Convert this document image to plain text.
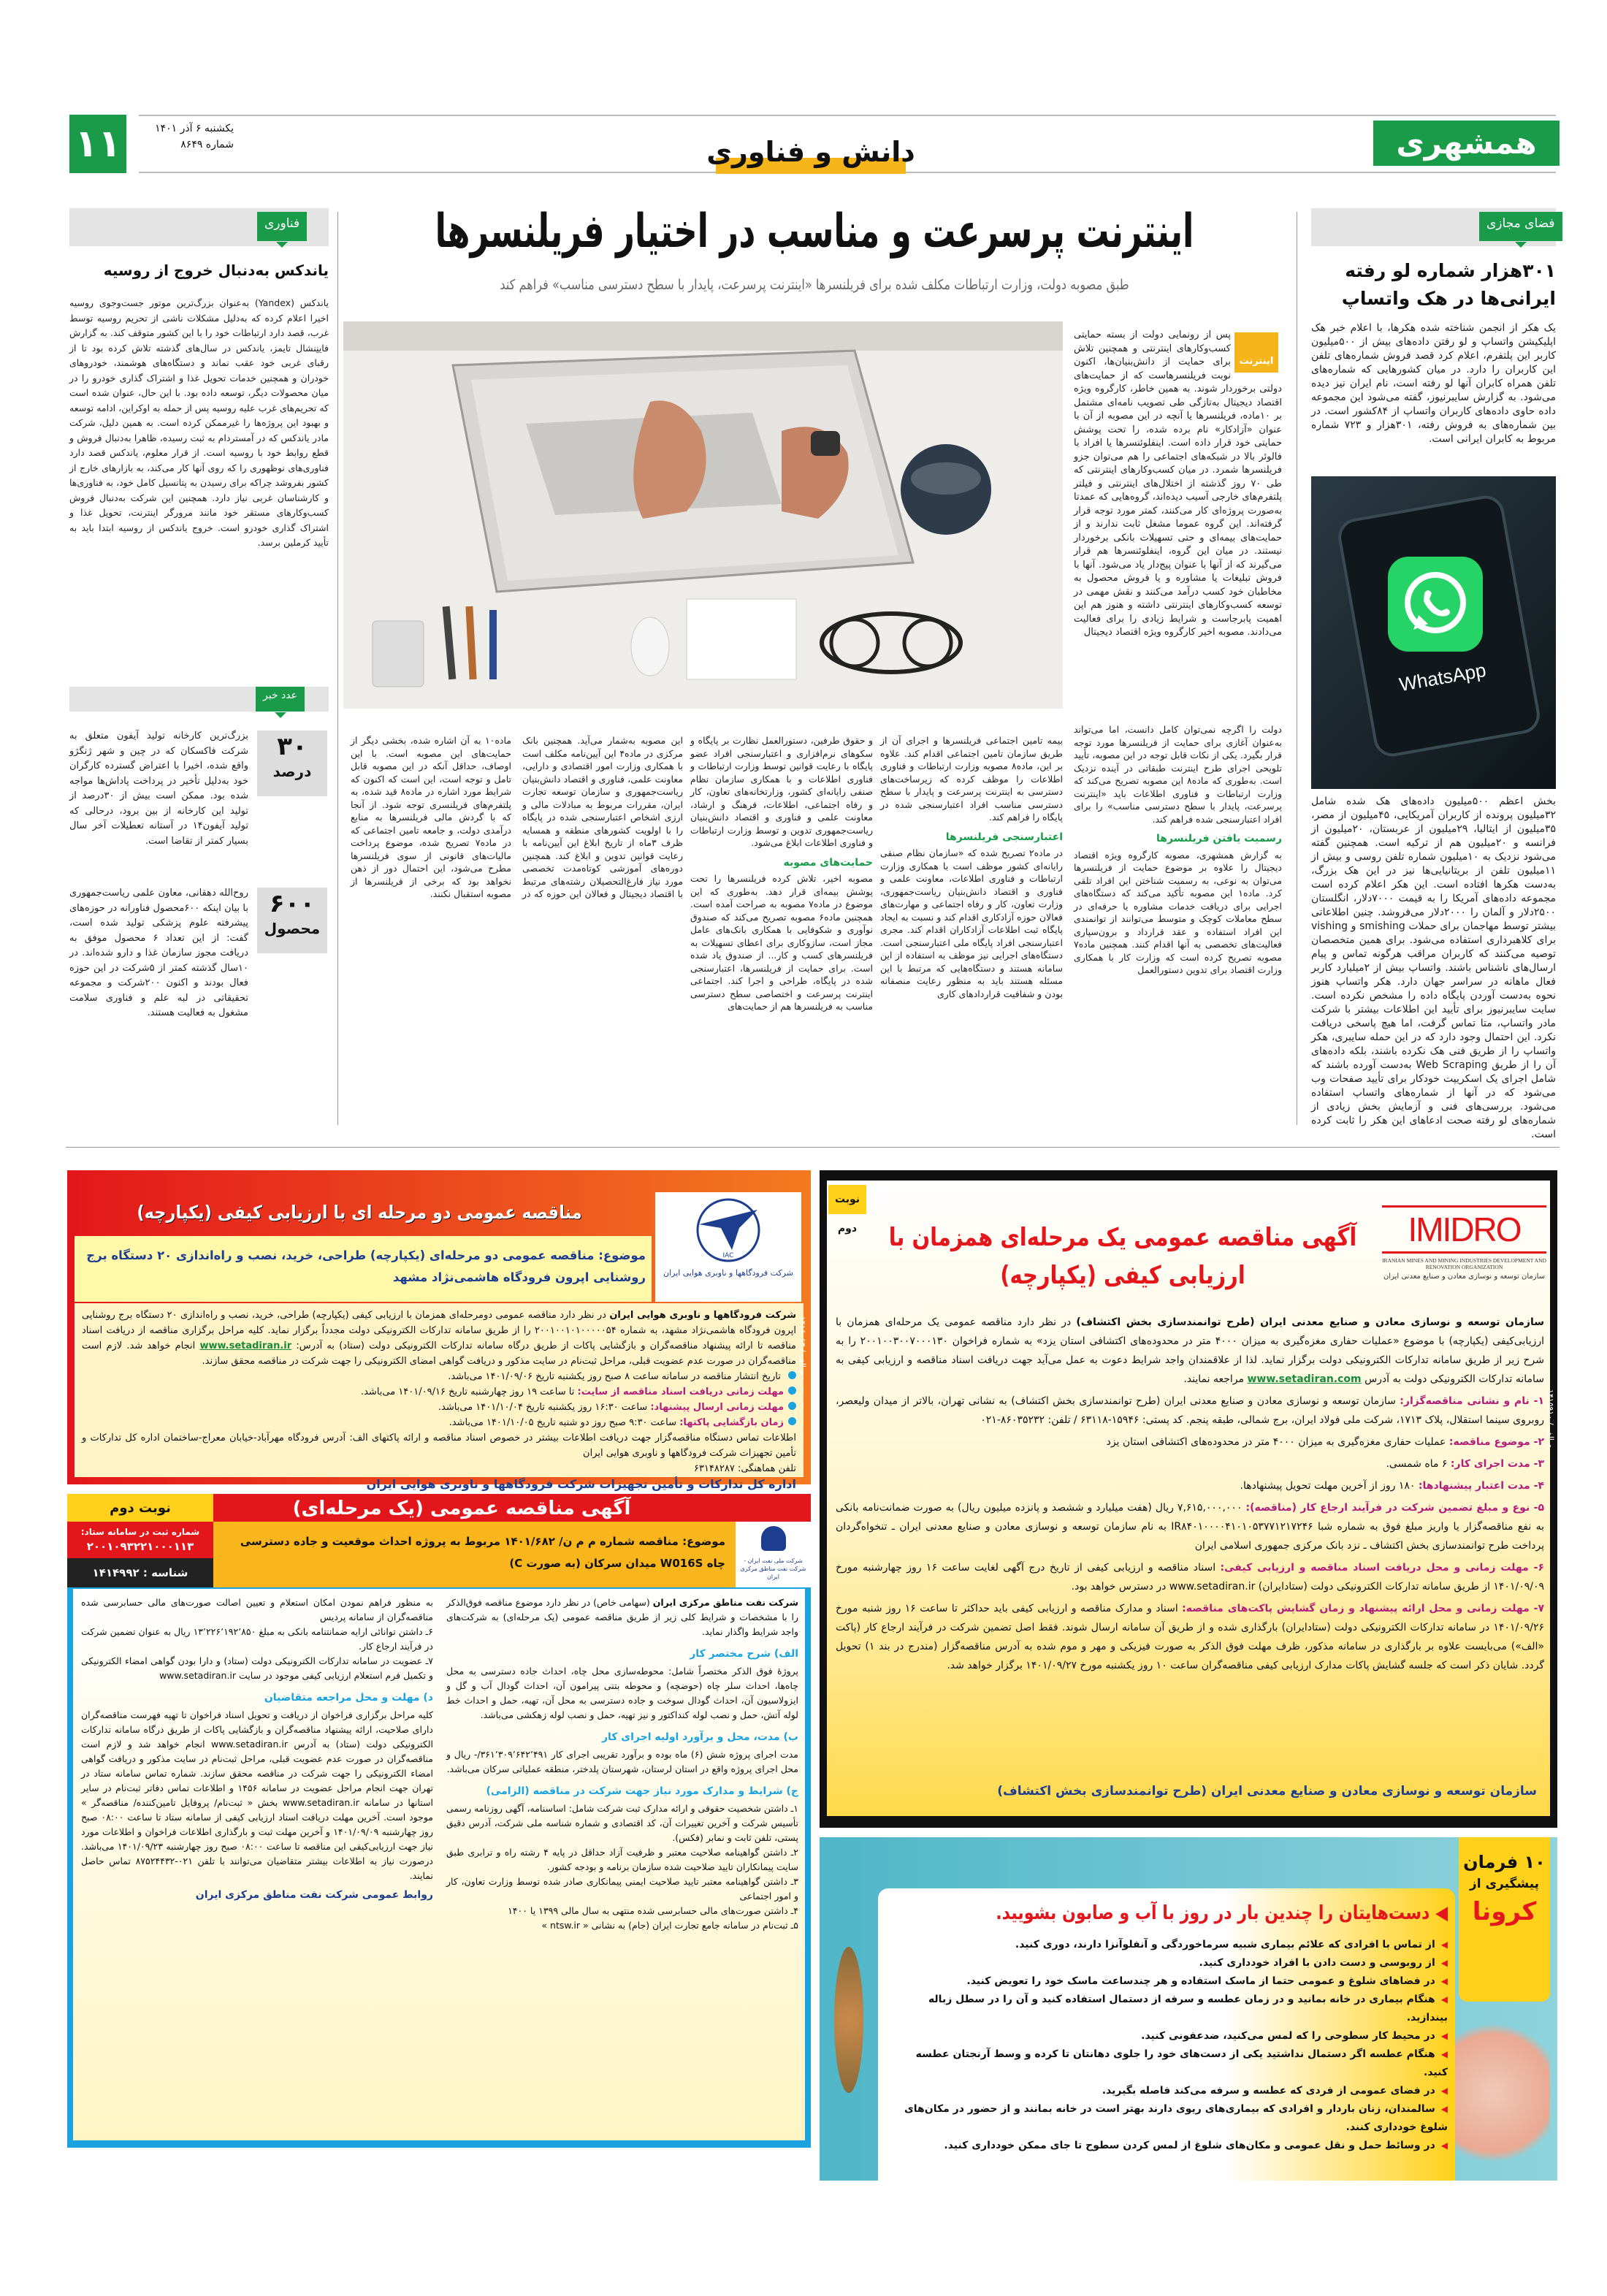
۱۱	یکشنبه ۶ آذر ۱۴۰۱
شماره ۸۶۴۹	دانش و فناوری	همشهری
فضای مجازی
۳۰۱هزار شماره لو رفته ایرانی‌ها در هک واتساپ
یک هکر از انجمن شناخته شده هکرها، با اعلام خبر هک اپلیکیشن واتساپ و لو رفتن داده‌های بیش از ۵۰۰میلیون کاربر این پلتفرم، اعلام کرد قصد فروش شماره‌های تلفن این کاربران را دارد. در میان کشورهایی که شماره‌های تلفن همراه کابران آنها لو رفته است، نام ایران نیز دیده می‌شود. به گزارش سایبرنیوز، گفته می‌شود این مجموعه داده حاوی داده‌های کاربران واتساپ از ۸۴کشور است. در بین شماره‌های به فروش رفته، ۳۰۱هزار و ۷۲۳ شماره مربوط به کابران ایرانی است.
WhatsApp
بخش اعظم ۵۰۰میلیون داده‌های هک شده شامل ۳۲میلیون پرونده از کاربران آمریکایی، ۴۵میلیون از مصر، ۳۵میلیون از ایتالیا، ۲۹میلیون از عربستان، ۲۰میلیون از فرانسه و ۲۰میلیون هم از ترکیه است. همچنین گفته می‌شود نزدیک به ۱۰میلیون شماره تلفن روسی و بیش از ۱۱میلیون تلفن از بریتانیایی‌ها نیز در این هک بزرگ، به‌دست هکرها افتاده است. این هکر اعلام کرده است مجموعه داده‌های آمریکا را به قیمت ۷۰۰۰دلار، انگلستان ۲۵۰۰دلار و آلمان را ۲۰۰۰دلار می‌فروشد. چنین اطلاعاتی بیشتر توسط مهاجمان برای حملات smishing و vishing برای کلاهبرداری استفاده می‌شود. برای همین متخصصان توصیه می‌کنند که کاربران مراقب هرگونه تماس و پیام ارسال‌های ناشناس باشند. واتساپ بیش از ۲میلیارد کاربر فعال ماهانه در سراسر جهان دارد. هکر واتساپ هنوز نحوه به‌دست آوردن پایگاه داده را مشخص نکرده است. سایت سایبرنیوز برای تأیید این اطلاعات بیشتر با شرکت مادر واتساپ، متا تماس گرفت، اما هیچ پاسخی دریافت نکرد. این احتمال وجود دارد که در این حمله سایبری، هکر واتساپ را از طریق فنی هک نکرده باشند، بلکه داده‌های آن را از طریق Web Scraping به‌دست آورده باشند که شامل اجرای یک اسکریپت خودکار برای تأیید صفحات وب می‌شود که در آنها از شماره‌های واتساپ استفاده می‌شود. بررسی‌های فنی و آزمایش بخش زیادی از شماره‌های لو رفته صحت ادعاهای این هکر را ثابت کرده است.
اینترنت پرسرعت و مناسب در اختیار فریلنسرها
طبق مصوبه دولت، وزارت ارتباطات مکلف شده برای فریلنسرها «اینترنت پرسرعت، پایدار با سطح دسترسی مناسب» فراهم کند
اینترنت
پس از رونمایی دولت از بسته حمایتی کسب‌وکارهای اینترنتی و همچنین تلاش برای حمایت از دانش‌بنیان‌ها، اکنون نوبت فریلنسرهاست که از حمایت‌های دولتی برخوردار شوند. به همین خاطر، کارگروه ویژه اقتصاد دیجیتال به‌تازگی طی تصویب نامه‌ای مشتمل بر ۱۰ماده، فریلنسرها یا آنچه در این مصوبه از آن با عنوان «آزادکار» نام برده شده، را تحت پوشش حمایتی خود قرار داده است. اینفلوئنسرها یا افراد با فالوئر بالا در شبکه‌های اجتماعی را هم می‌توان جزو فریلنسرها شمرد. در میان کسب‌وکارهای اینترنتی که طی ۷۰ روز گذشته از اختلال‌های اینترنتی و فیلتر پلتفرم‌های خارجی آسیب دیده‌اند، گروه‌هایی که عمدتا به‌صورت پروژه‌ای کار می‌کنند، کمتر مورد توجه قرار گرفته‌اند. این گروه عموما مشغل ثابت ندارند و از حمایت‌های بیمه‌ای و حتی تسهیلات بانکی برخوردار نیستند. در میان این گروه، اینفلوئنسرها هم قرار می‌گیرند که از آنها با عنوان پیج‌دار یاد می‌شود. آنها با فروش تبلیغات یا مشاوره و یا فروش محصول به مخاطبان خود کسب درآمد می‌کنند و نقش مهمی در توسعه کسب‌وکارهای اینترنتی داشته و هنوز هم این اهمیت پابرجاست و شرایط زیادی را برای فعالیت می‌دادند. مصوبه اخیر کارگروه ویژه اقتصاد دیجیتال
دولت را اگرچه نمی‌توان کامل دانست، اما می‌تواند به‌عنوان آغازی برای حمایت از فریلنسرها مورد توجه قرار بگیرد. یکی از نکات قابل توجه در این مصوبه، تأیید تلویحی اجرای طرح اینترنت طبقاتی در آینده نزدیک است. به‌طوری که ماده۸ این مصوبه تصریح می‌کند که وزارت ارتباطات و فناوری اطلاعات باید «اینترنت پرسرعت، پایدار با سطح دسترسی مناسب» را برای افراد اعتبارسنجی شده فراهم کند.
رسمیت یافتن فریلنسرها
به گزارش همشهری، مصوبه کارگروه ویژه اقتصاد دیجیتال را علاوه بر موضوع حمایت از فریلنسرها می‌توان به نوعی، به رسمیت شناختن این افراد تلقی کرد. ماده۱ این مصوبه تأکید می‌کند که دستگاه‌های اجرایی برای دریافت خدمات مشاوره یا حرفه‌ای در سطح معاملات کوچک و متوسط می‌توانند از توانمندی این افراد استفاده و عقد قرارداد و برون‌سپاری فعالیت‌های تخصصی به آنها اقدام کنند. همچنین ماده۷ مصوبه تصریح کرده است که وزارت کار با همکاری وزارت اقتصاد برای تدوین دستورالعمل
بیمه تامین اجتماعی فریلنسرها و اجرای آن از طریق سازمان تامین اجتماعی اقدام کند. علاوه بر این، ماده۸ مصوبه وزارت ارتباطات و فناوری اطلاعات را موظف کرده که زیرساخت‌های دسترسی به اینترنت پرسرعت و پایدار با سطح دسترسی مناسب افراد اعتبارسنجی شده در پایگاه را فراهم کند.
اعتبارسنجی فریلنسرها
در ماده۲ تصریح شده که «سازمان نظام صنفی رایانه‌ای کشور موظف است با همکاری وزارت ارتباطات و فناوری اطلاعات، معاونت علمی و فناوری و اقتصاد دانش‌بنیان ریاست‌جمهوری، وزارت تعاون، کار و رفاه اجتماعی و مهارت‌های فعالان حوزه آزادکاری اقدام کند و نسبت به ایجاد پایگاه ثبت اطلاعات آزادکاران اقدام کند. مجری اعتبارسنجی افراد پایگاه ملی اعتبارسنجی است. دستگاه‌های اجرایی نیز موظف به استفاده از این سامانه هستند و دستگاه‌هایی که مرتبط با این مسئله هستند باید به منظور رعایت منصفانه بودن و شفافیت قراردادهای کاری
و حقوق طرفین، دستورالعمل نظارت بر پایگاه و سکوهای نرم‌افزاری و اعتبارسنجی افراد عضو پایگاه با رعایت قوانین توسط وزارت ارتباطات و فناوری اطلاعات و با همکاری سازمان نظام صنفی رایانه‌ای کشور، وزارتخانه‌های تعاون، کار و رفاه اجتماعی، اطلاعات، فرهنگ و ارشاد، معاونت علمی و فناوری و اقتصاد دانش‌بنیان ریاست‌جمهوری تدوین و توسط وزارت ارتباطات و فناوری اطلاعات ابلاغ می‌شود.
حمایت‌های مصوبه
مصوبه اخیر، تلاش کرده فریلنسرها را تحت پوشش بیمه‌ای قرار دهد. به‌طوری که این موضوع در ماده۷ مصوبه به صراحت آمده است. همچنین ماده۶ مصوبه تصریح می‌کند که صندوق نوآوری و شکوفایی با همکاری بانک‌های عامل مجاز است، سازوکاری برای اعطای تسهیلات به فریلنسرهای کسب و کار... از صندوق یاد شده است. برای حمایت از فریلنسرها، اعتبارسنجی شده در پایگاه، طراحی و اجرا کند. اجتماعی اینترنت پرسرعت و اختصاصی سطح دسترسی مناسب به فریلنسرها هم از حمایت‌های
این مصوبه به‌شمار می‌آید. همچنین بانک مرکزی در ماده۴ این آیین‌نامه مکلف است با همکاری وزارت امور اقتصادی و دارایی، معاونت علمی، فناوری و اقتصاد دانش‌بنیان ریاست‌جمهوری و سازمان توسعه تجارت ایران، مقررات مربوط به مبادلات مالی و ارزی اشخاص اعتبارسنجی شده در پایگاه را با اولویت کشورهای منطقه و همسایه ظرف ۳ماه از تاریخ ابلاغ این آیین‌نامه با رعایت قوانین تدوین و ابلاغ کند. همچنین دوره‌های آموزشی کوتاه‌مدت تخصصی مورد نیاز فارغ‌التحصیلان رشته‌های مرتبط با اقتصاد دیجیتال و فعالان این حوزه که در ماده۱۰ به آن اشاره شده، بخشی دیگر از حمایت‌های این مصوبه است. با این اوصاف، حداقل آنکه در این مصوبه قابل تامل و توجه است، این است که اکنون که شرایط مورد اشاره در ماده۸ قید شده، به پلتفرم‌های فریلنسری توجه شود. از آنجا که با گردش مالی فریلنسرها به منابع درآمدی دولت، و جامعه تامین اجتماعی که در ماده۷ تصریح شده، موضوع پرداخت مالیات‌های قانونی از سوی فریلنسرها مطرح می‌شود، این احتمال دور از ذهن نخواهد بود که برخی از فریلنسرها از مصوبه استقبال نکنند.
فناوری
یاندکس به‌دنبال خروج از روسیه
یاندکس (Yandex) به‌عنوان بزرگ‌ترین موتور جست‌وجوی روسیه اخیرا اعلام کرده که به‌دلیل مشکلات ناشی از تحریم روسیه توسط غرب، قصد دارد ارتباطات خود را با این کشور متوقف کند. به گزارش فاینِنشال تایمز، یاندکس در سال‌های گذشته تلاش کرده بود تا از رقبای غربی خود عقب نماند و دستگاه‌های هوشمند، خودروهای خودران و همچنین خدمات تحویل غذا و اشتراک گذاری خودرو را در میان محصولات دیگر، توسعه داده بود. با این حال، عنوان شده است که تحریم‌های غرب علیه روسیه پس از حمله به اوکراین، ادامه توسعه و بهبود این پروژه‌ها را غیرممکن کرده است. به همین دلیل، شرکت مادر یاندکس که در آمستردام به ثبت رسیده، ظاهرا به‌دنبال فروش و قطع روابط خود با روسیه است. از قرار معلوم، یاندکس قصد دارد فناوری‌های نوظهوری را که روی آنها کار می‌کند، به بازارهای خارج از کشور بفروشد چراکه برای رسیدن به پتانسیل کامل خود، به فناوری‌ها و کارشناسان غربی نیاز دارد. همچنین این شرکت به‌دنبال فروش کسب‌وکارهای مستقر خود مانند مرورگر اینترنت، تحویل غذا و اشتراک گذاری خودرو است. خروج یاندکس از روسیه ابتدا باید به تأیید کرملین برسد.
عدد خبر
۳۰
درصد
بزرگ‌ترین کارخانه تولید آیفون متعلق به شرکت فاکسکان که در چین و شهر ژنگژو واقع شده، اخیرا با اعتراض گسترده کارگران خود به‌دلیل تأخیر در پرداخت پاداش‌ها مواجه شده بود. ممکن است بیش از ۳۰درصد از تولید این کارخانه از بین برود، درحالی که تولید آیفون۱۴ در آستانه تعطیلات آخر سال بسیار کمتر از تقاضا است.
۶۰۰
محصول
روح‌الله دهقانی، معاون علمی ریاست‌جمهوری با بیان اینکه ۶۰۰محصول فناورانه در حوزه‌های پیشرفته علوم پزشکی تولید شده است، گفت: از این تعداد ۶ محصول موفق به دریافت مجوز سازمان غذا و دارو شده‌اند. در ۱۰سال گذشته کمتر از ۵شرکت در این حوزه فعال بودند و اکنون ۲۰۰شرکت و مجموعه تحقیقاتی در لبه علم و فناوری سلامت مشغول به فعالیت هستند.
مناقصه عمومی دو مرحله ای با ارزیابی کیفی (یکپارچه)
IAC
شرکت فرودگاهها و ناوبری هوایی ایران
موضوع: مناقصه عمومی دو مرحله‌ای (یکپارچه) طراحی، خرید، نصب و راه‌اندازی ۲۰ دستگاه برج روشنایی اپرون فرودگاه هاشمی‌نژاد مشهد
شرکت فرودگاهها و ناوبری هوایی ایران در نظر دارد مناقصه عمومی دومرحله‌ای همزمان با ارزیابی کیفی (یکپارچه) طراحی، خرید، نصب و راه‌اندازی ۲۰ دستگاه برج روشنایی اپرون فرودگاه هاشمی‌نژاد مشهد، به شماره ۲۰۰۱۰۰۱۰۱۰۰۰۰۰۵۴ را از طریق سامانه تدارکات الکترونیکی دولت مجدداً برگزار نماید. کلیه مراحل برگزاری مناقصه از دریافت اسناد مناقصه تا ارائه پیشنهاد مناقصه‌گران و بازگشایی پاکات از طریق درگاه سامانه تدارکات الکترونیکی دولت (ستاد) به آدرس: www.setadiran.ir انجام خواهد شد. لازم است مناقصه‌گران در صورت عدم عضویت قبلی، مراحل ثبت‌نام در سایت مذکور و دریافت گواهی امضای الکترونیکی را جهت شرکت در مناقصه محقق سازند.
تاریخ انتشار مناقصه در سامانه ساعت ۸ صبح روز یکشنبه تاریخ ۱۴۰۱/۰۹/۰۶ می‌باشد.
مهلت زمانی دریافت اسناد مناقصه از سایت: تا ساعت ۱۹ روز چهارشنبه تاریخ ۱۴۰۱/۰۹/۱۶ می‌باشد.
مهلت زمانی ارسال پیشنهاد: ساعت ۱۶:۳۰ روز یکشنبه تاریخ ۱۴۰۱/۱۰/۰۴ می‌باشد.
زمان بازگشایی پاکتها: ساعت ۹:۳۰ صبح روز دو شنبه تاریخ ۱۴۰۱/۱۰/۰۵ می‌باشد.
اطلاعات تماس دستگاه مناقصه‌گزار جهت دریافت اطلاعات بیشتر در خصوص اسناد مناقصه و ارائه پاکتهای الف: آدرس فرودگاه مهرآباد-خیابان معراج-ساختمان اداره کل تدارکات و تأمین تجهیزات شرکت فرودگاهها و ناوبری هوایی ایران
تلفن هماهنگی: ۶۳۱۴۸۲۸۷
اداره کل تدارکات و تأمین تجهیزات شرکت فرودگاهها و ناوبری هوایی ایران
م الف / ۱۴۱۶۰۶۳
نوبت دوم	IMIDRO
IRANIAN MINES AND MINING INDUSTRIES DEVELOPMENT AND RENOVATION ORGANIZATION
سازمان توسعه و نوسازی معادن و صنایع معدنی ایران
آگهی مناقصه عمومی یک مرحله‌ای همزمان با ارزیابی کیفی (یکپارچه)
سازمان توسعه و نوسازی معادن و صنایع معدنی ایران (طرح توانمندسازی بخش اکتشاف) در نظر دارد مناقصه عمومی یک مرحله‌ای همزمان با ارزیابی‌کیفی (یکپارچه) با موضوع «عملیات حفاری مغزه‌گیری به میزان ۴۰۰۰ متر در محدوده‌های اکتشافی استان یزد» به شماره فراخوان ۲۰۰۱۰۰۳۰۰۷۰۰۰۱۳۰ را به شرح زیر از طریق سامانه تدارکات الکترونیکی دولت برگزار نماید. لذا از علاقمندان واجد شرایط دعوت به عمل می‌آید جهت دریافت اسناد مناقصه و ارزیابی کیفی به سامانه تدارکات الکترونیکی دولت به آدرس www.setadiran.com مراجعه نمایند.
۱- نام و نشانی مناقصه‌گزار: سازمان توسعه و نوسازی معادن و صنایع معدنی ایران (طرح توانمندسازی بخش اکتشاف) به نشانی تهران، بالاتر از میدان ولیعصر، روبروی سینما استقلال، پلاک ۱۷۱۳، شرکت ملی فولاد ایران، برج شمالی، طبقه پنجم. کد پستی: ۱۵۹۴۶-۶۳۱۱۸ / تلفن: ۸۶۰۳۵۲۳۲-۰۲۱
۲- موضوع مناقصه: عملیات حفاری مغزه‌گیری به میزان ۴۰۰۰ متر در محدوده‌های اکتشافی استان یزد
۳- مدت اجرای کار: ۶ ماه شمسی.
۴- مدت اعتبار پیشنهادها: ۱۸۰ روز از آخرین مهلت تحویل پیشنهادها.
۵- نوع و مبلغ تضمین شرکت در فرآیند ارجاع کار (مناقصه): ۷,۶۱۵,۰۰۰,۰۰۰ ریال (هفت میلیارد و ششصد و پانزده میلیون ریال) به صورت ضمانت‌نامه بانکی به نفع مناقصه‌گزار یا واریز مبلغ فوق به شماره شبا IR۸۴۰۱۰۰۰۰۴۱۰۱۰۵۳۷۷۱۲۱۷۲۴۶ به نام سازمان توسعه و نوسازی معادن و صنایع معدنی ایران ـ تنخواه‌گردان پرداخت طرح توانمندسازی بخش اکتشاف ـ نزد بانک مرکزی جمهوری اسلامی ایران
۶- مهلت زمانی و محل دریافت اسناد مناقصه و ارزیابی کیفی: اسناد مناقصه و ارزیابی کیفی از تاریخ درج آگهی لغایت ساعت ۱۶ روز چهارشنبه مورخ ۱۴۰۱/۰۹/۰۹ از طریق سامانه تدارکات الکترونیکی دولت (ستادایران) www.setadiran.ir در دسترس خواهد بود.
۷- مهلت زمانی و محل ارائه پیشنهاد و زمان گشایش پاکت‌های مناقصه: اسناد و مدارک مناقصه و ارزیابی کیفی باید حداکثر تا ساعت ۱۶ روز شنبه مورخ ۱۴۰۱/۰۹/۲۶ در سامانه تدارکات الکترونیکی دولت (ستادایران) بارگذاری شده و از طریق آن سامانه ارسال شوند. فقط اصل تضمین شرکت در فرآیند ارجاع کار (پاکت «الف») می‌بایست علاوه بر بارگذاری در سامانه مذکور، ظرف مهلت فوق الذکر به صورت فیزیکی و مهر و موم شده به آدرس مناقصه‌گزار (مندرج در بند ۱) تحویل گردد. شایان ذکر است که جلسه گشایش پاکات مدارک ارزیابی کیفی مناقصه‌گران ساعت ۱۰ روز یکشنبه مورخ ۱۴۰۱/۰۹/۲۷ برگزار خواهد شد.
سازمان توسعه و نوسازی معادن و صنایع معدنی ایران (طرح توانمندسازی بخش اکتشاف)
م الف / ۱۴۱۵۹۱۰
آگهی مناقصه عمومی (یک مرحله‌ای)
نوبت دوم
شماره ثبت در سامانه ستاد:
۲۰۰۱۰۹۳۲۲۱۰۰۰۱۱۳
شناسه : ۱۴۱۴۹۹۲
شرکت ملی نفت ایران - شرکت نفت مناطق مرکزی ایران
موضوع: مناقصه شماره م م ن/ ۱۴۰۱/۶۸۲ مربوط به پروژه احداث موقعیت و جاده دسترسی چاه W016S میدان سرکان (به صورت C)
شرکت نفت مناطق مرکزی ایران (سهامی خاص) در نظر دارد موضوع مناقصه فوق‌الذکر را با مشخصات و شرایط کلی زیر از طریق مناقصه عمومی (یک مرحله‌ای) به شرکت‌های واجد شرایط واگذار نماید.
الف) شرح مختصر کار
پروژهٔ فوق الذکر مختصراً شامل: محوطه‌سازی محل چاه، احداث جاده دسترسی به محل چاه‌ها، احداث سلر چاه (حوضچه) و محوطه بتنی پیرامون آن، احداث گودال آب و گل و ایزولاسیون آن، احداث گودال سوخت و جاده دسترسی به محل آن، تهیه، حمل و احداث خط لوله آتش، حمل و نصب لوله کنداکتور و نیز تهیه، حمل و نصب لوله زهکشی می‌باشد.
ب) مدت، محل و برآورد اولیه اجرای کار
مدت اجرای پروژه شش (۶) ماه بوده و برآورد تقریبی اجرای کار ۳۶۱٬۳۰۹٬۶۴۲٬۴۹۱/- ریال و محل اجرای پروژه واقع در استان لرستان، شهرستان پلدختر، منطقه عملیاتی سرکان می‌باشد.
ج) شرایط و مدارک مورد نیاز جهت شرکت در مناقصه (الزامی)
۱ـ داشتن شخصیت حقوقی و ارائه مدارک ثبت شرکت شامل: اساسنامه، آگهی روزنامه رسمی تأسیس شرکت و آخرین تغییرات آن، کد اقتصادی و شماره شناسه ملی شرکت، آدرس دقیق پستی، تلفن ثابت و نمابر (فکس).
۲ـ داشتن گواهینامه صلاحیت معتبر و ظرفیت آزاد حداقل در پایه ۴ رشته راه و ترابری طبق سایت پیمانکاران تایید صلاحیت شده سازمان برنامه و بودجه کشور.
۳ـ داشتن گواهینامه معتبر تایید صلاحیت ایمنی پیمانکاری صادر شده توسط وزارت تعاون، کار و امور اجتماعی
۴ـ داشتن صورت‌های مالی حسابرسی شده منتهی به سال مالی ۱۳۹۹ یا ۱۴۰۰
۵ـ ثبت‌نام در سامانه جامع تجارت ایران (جام) به نشانی « ntsw.ir »
به منظور فراهم نمودن امکان استعلام و تعیین اصالت صورت‌های مالی حسابرسی شده مناقصه‌گران از سامانه پردیس
۶ـ داشتن توانائی ارایه ضمانتنامه بانکی به مبلغ ۱۳٬۲۲۶٬۱۹۲٬۸۵۰ ریال به عنوان تضمین شرکت در فرآیند ارجاع کار.
۷ـ عضویت در سامانه تدارکات الکترونیکی دولت (ستاد) و دارا بودن گواهی امضاء الکترونیکی و تکمیل فرم استعلام ارزیابی کیفی موجود در سایت www.setadiran.ir
د) مهلت و محل مراجعه متقاضیان
کلیه مراحل برگزاری فراخوان از دریافت و تحویل اسناد فراخوان تا تهیه فهرست مناقصه‌گران دارای صلاحیت، ارائه پیشنهاد مناقصه‌گران و بازگشایی پاکات از طریق درگاه سامانه تدارکات الکترونیکی دولت (ستاد) به آدرس www.setadiran.ir انجام خواهد شد و لازم است مناقصه‌گران در صورت عدم عضویت قبلی، مراحل ثبت‌نام در سایت مذکور و دریافت گواهی امضاء الکترونیکی را جهت شرکت در مناقصه محقق سازند. شماره تماس سامانه ستاد در تهران جهت انجام مراحل عضویت در سامانه ۱۴۵۶ و اطلاعات تماس دفاتر ثبت‌نام در سایر استانها در سامانه www.setadiran.ir بخش « ثبت‌نام/ پروفایل تامین‌کننده/ مناقصه‌گر » موجود است. آخرین مهلت دریافت اسناد ارزیابی کیفی از سامانه ستاد تا ساعت ۰۸:۰۰ صبح روز چهارشنبه ۱۴۰۱/۰۹/۰۹ و آخرین مهلت ثبت و بارگذاری اطلاعات فراخوان و اطلاعات مورد نیاز جهت ارزیابی‌کیفی این مناقصه تا ساعت ۰۸:۰۰ صبح روز چهارشنبه ۱۴۰۱/۰۹/۲۳ می‌باشد. درصورت نیاز به اطلاعات بیشتر متقاضیان می‌توانند با تلفن ۰۲۱-۸۷۵۲۴۴۳۲ تماس حاصل نمایند.
روابط عمومی شرکت نفت مناطق مرکزی ایران
۱۰ فرمان
پیشگیری از
کرونا
◀ دست‌هایتان را چندین بار در روز با آب و صابون بشویید.
◀ از تماس با افرادی که علائم بیماری شبیه سرماخوردگی و آنفلوآنزا دارند، دوری کنید.
◀ از روبوسی و دست دادن با افراد خودداری کنید.
◀ در فضاهای شلوغ و عمومی حتما از ماسک استفاده و هر چندساعت ماسک خود را تعویض کنید.
◀ هنگام بیماری در خانه بمانید و در زمان عطسه و سرفه از دستمال استفاده کنید و آن را در سطل زباله بیندازید.
◀ در محیط کار سطوحی را که لمس می‌کنید، ضدعفونی کنید.
◀ هنگام عطسه اگر دستمال نداشتید یکی از دست‌های خود را جلوی دهانتان تا کرده و وسط آرنجتان عطسه کنید.
◀ در فضای عمومی از فردی که عطسه و سرفه می‌کند فاصله بگیرید.
◀ سالمندان، زنان باردار و افرادی که بیماری‌های ریوی دارند بهتر است در خانه بمانند و از حضور در مکان‌های شلوغ خودداری کنند.
◀ در وسائط حمل و نقل عمومی و مکان‌های شلوغ از لمس کردن سطوح تا جای ممکن خودداری کنید.
